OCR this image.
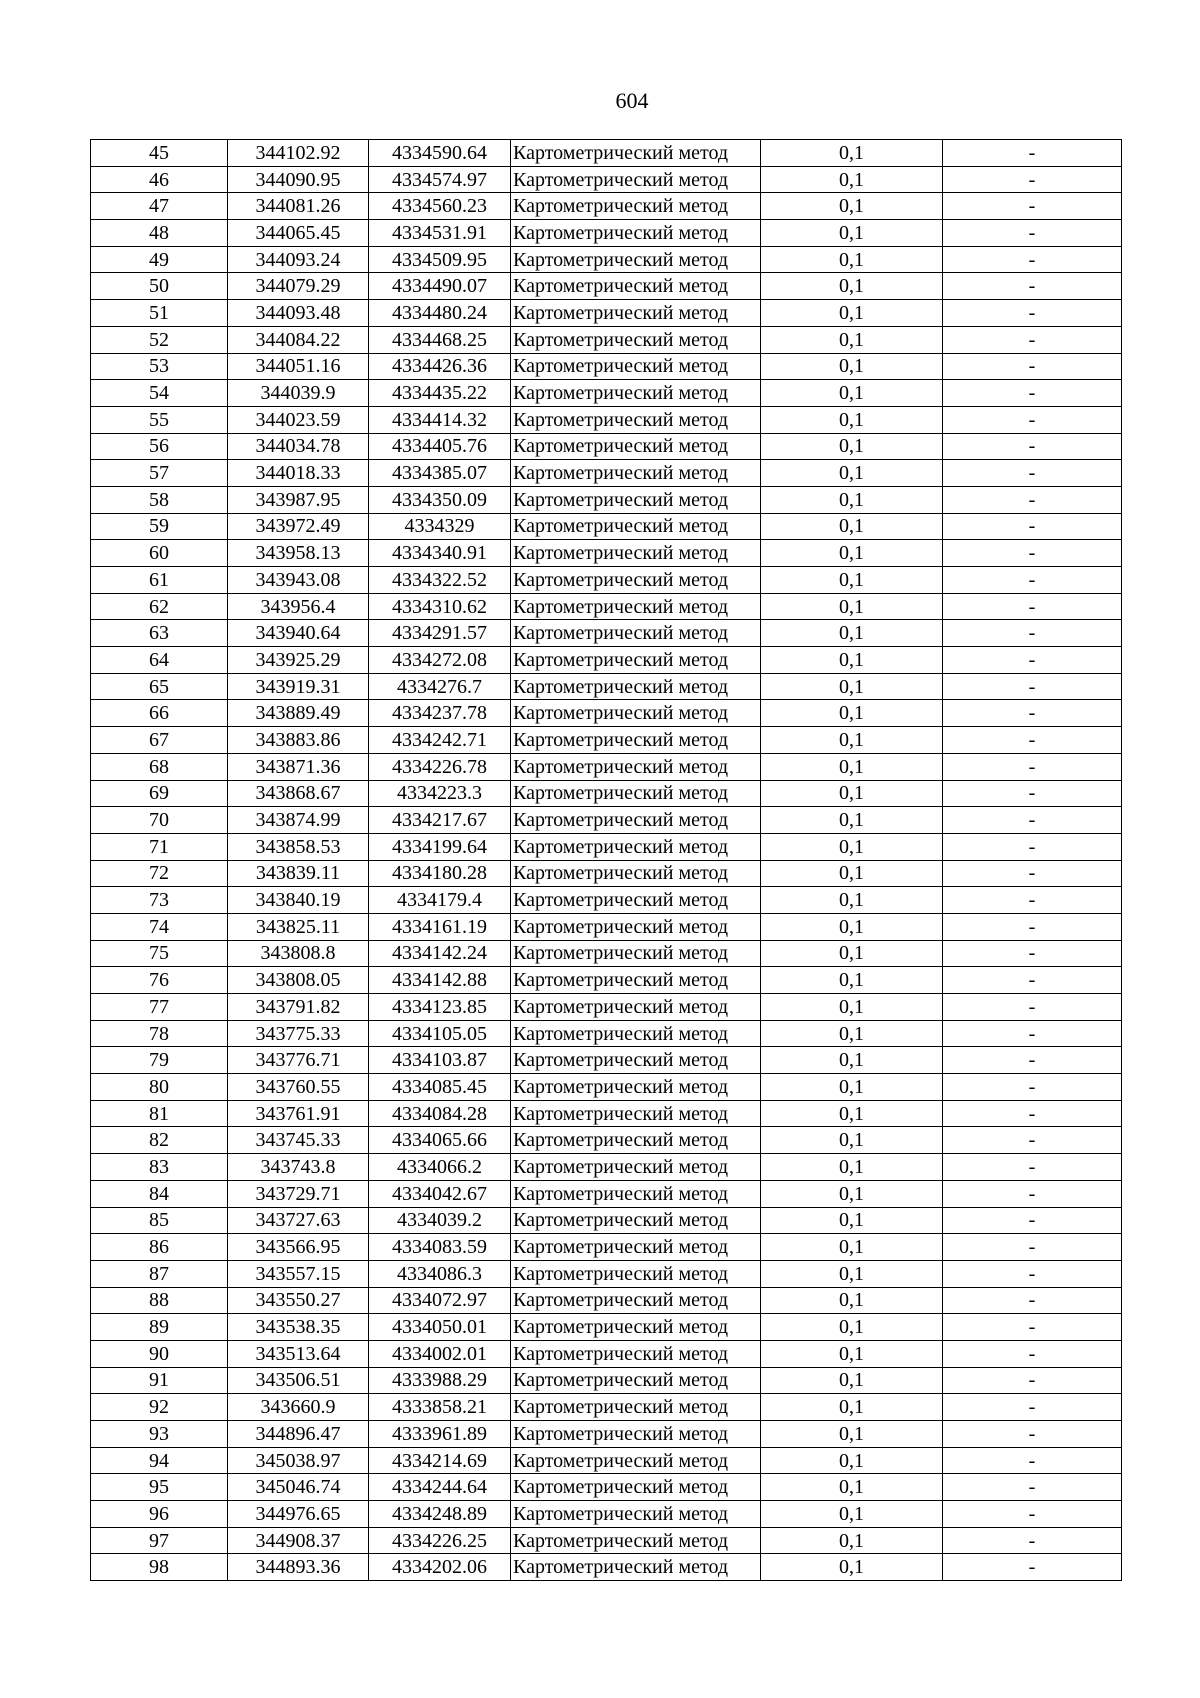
604
45	344102.92	4334590.64	Картометрический метод	0,1	-
46	344090.95	4334574.97	Картометрический метод	0,1	-
47	344081.26	4334560.23	Картометрический метод	0,1	-
48	344065.45	4334531.91	Картометрический метод	0,1	-
49	344093.24	4334509.95	Картометрический метод	0,1	-
50	344079.29	4334490.07	Картометрический метод	0,1	-
51	344093.48	4334480.24	Картометрический метод	0,1	-
52	344084.22	4334468.25	Картометрический метод	0,1	-
53	344051.16	4334426.36	Картометрический метод	0,1	-
54	344039.9	4334435.22	Картометрический метод	0,1	-
55	344023.59	4334414.32	Картометрический метод	0,1	-
56	344034.78	4334405.76	Картометрический метод	0,1	-
57	344018.33	4334385.07	Картометрический метод	0,1	-
58	343987.95	4334350.09	Картометрический метод	0,1	-
59	343972.49	4334329	Картометрический метод	0,1	-
60	343958.13	4334340.91	Картометрический метод	0,1	-
61	343943.08	4334322.52	Картометрический метод	0,1	-
62	343956.4	4334310.62	Картометрический метод	0,1	-
63	343940.64	4334291.57	Картометрический метод	0,1	-
64	343925.29	4334272.08	Картометрический метод	0,1	-
65	343919.31	4334276.7	Картометрический метод	0,1	-
66	343889.49	4334237.78	Картометрический метод	0,1	-
67	343883.86	4334242.71	Картометрический метод	0,1	-
68	343871.36	4334226.78	Картометрический метод	0,1	-
69	343868.67	4334223.3	Картометрический метод	0,1	-
70	343874.99	4334217.67	Картометрический метод	0,1	-
71	343858.53	4334199.64	Картометрический метод	0,1	-
72	343839.11	4334180.28	Картометрический метод	0,1	-
73	343840.19	4334179.4	Картометрический метод	0,1	-
74	343825.11	4334161.19	Картометрический метод	0,1	-
75	343808.8	4334142.24	Картометрический метод	0,1	-
76	343808.05	4334142.88	Картометрический метод	0,1	-
77	343791.82	4334123.85	Картометрический метод	0,1	-
78	343775.33	4334105.05	Картометрический метод	0,1	-
79	343776.71	4334103.87	Картометрический метод	0,1	-
80	343760.55	4334085.45	Картометрический метод	0,1	-
81	343761.91	4334084.28	Картометрический метод	0,1	-
82	343745.33	4334065.66	Картометрический метод	0,1	-
83	343743.8	4334066.2	Картометрический метод	0,1	-
84	343729.71	4334042.67	Картометрический метод	0,1	-
85	343727.63	4334039.2	Картометрический метод	0,1	-
86	343566.95	4334083.59	Картометрический метод	0,1	-
87	343557.15	4334086.3	Картометрический метод	0,1	-
88	343550.27	4334072.97	Картометрический метод	0,1	-
89	343538.35	4334050.01	Картометрический метод	0,1	-
90	343513.64	4334002.01	Картометрический метод	0,1	-
91	343506.51	4333988.29	Картометрический метод	0,1	-
92	343660.9	4333858.21	Картометрический метод	0,1	-
93	344896.47	4333961.89	Картометрический метод	0,1	-
94	345038.97	4334214.69	Картометрический метод	0,1	-
95	345046.74	4334244.64	Картометрический метод	0,1	-
96	344976.65	4334248.89	Картометрический метод	0,1	-
97	344908.37	4334226.25	Картометрический метод	0,1	-
98	344893.36	4334202.06	Картометрический метод	0,1	-
